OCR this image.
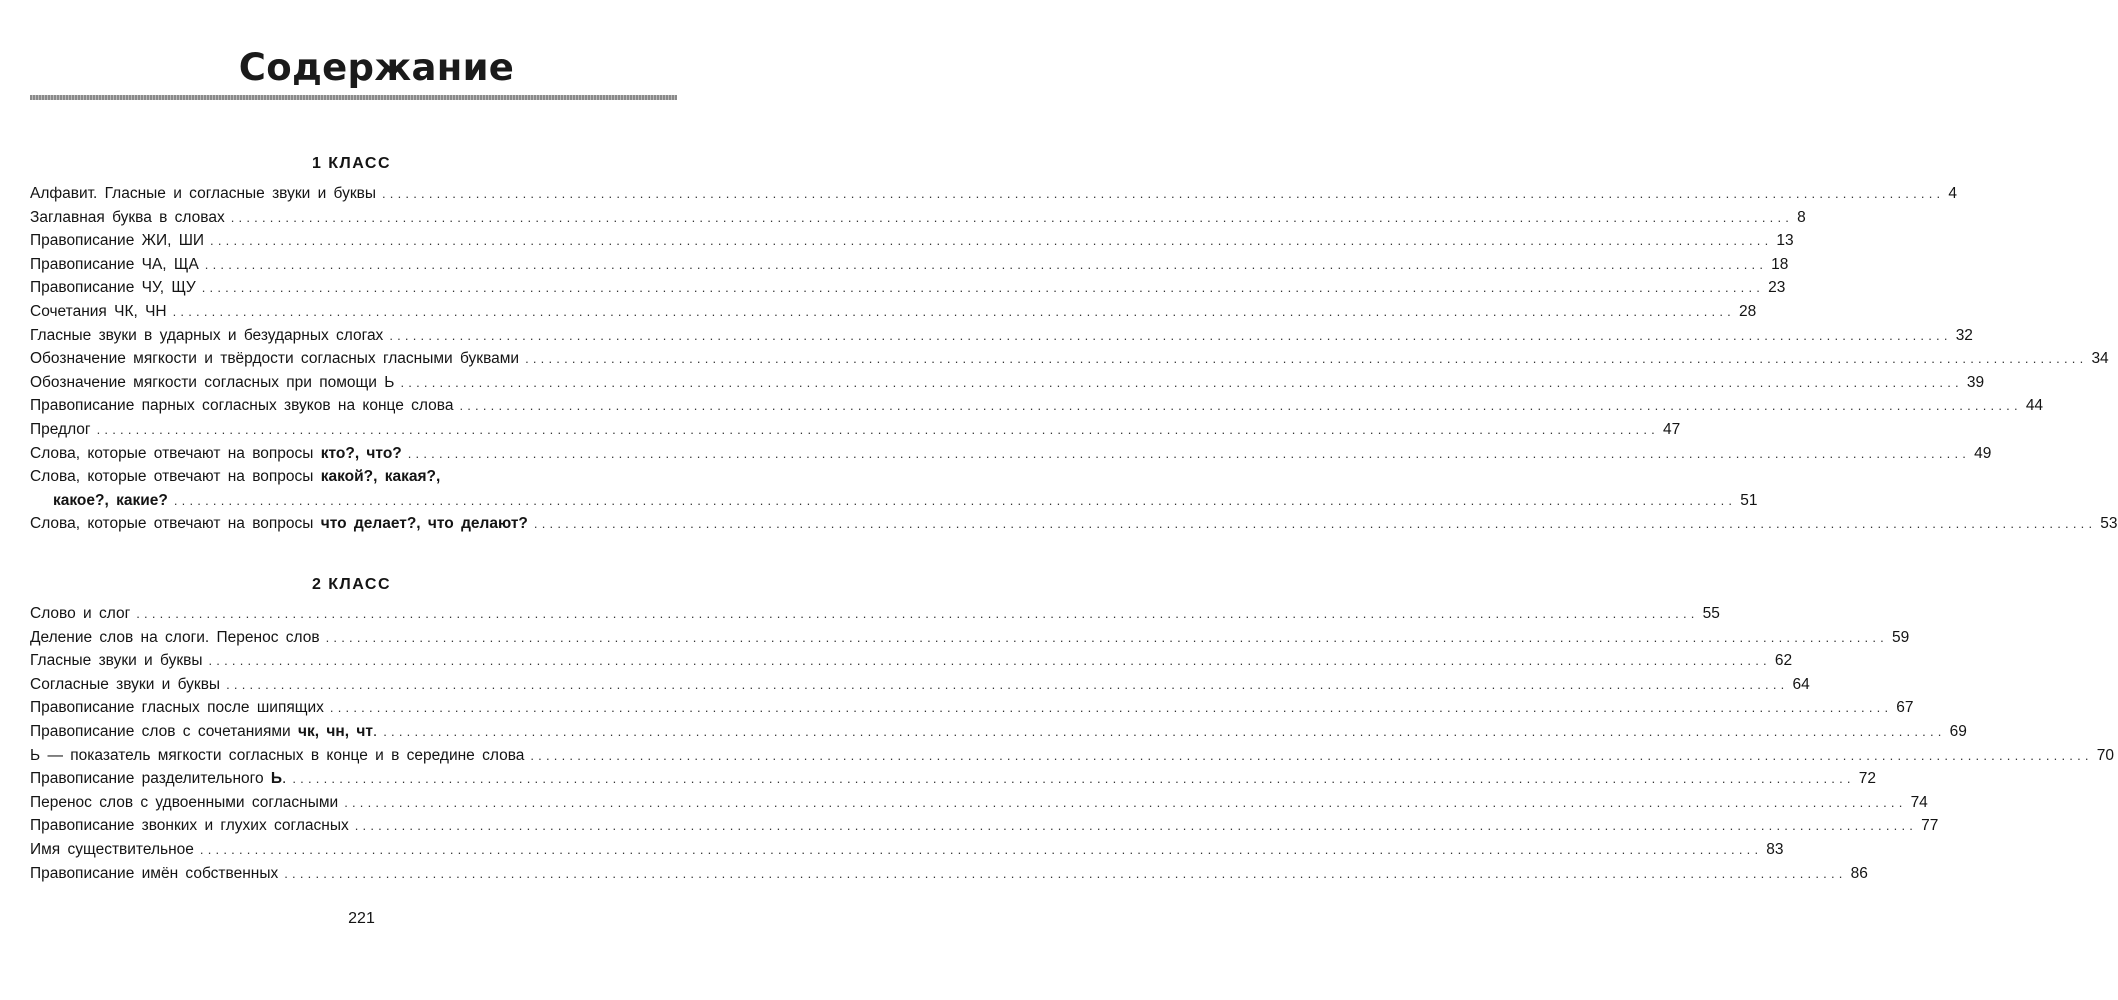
Содержание
1 КЛАСС
Алфавит. Гласные и согласные звуки и буквы ........................................................................................................................................................................................................ 4
Заглавная буква в словах ........................................................................................................................................................................................................ 8
Правописание ЖИ, ШИ ........................................................................................................................................................................................................ 13
Правописание ЧА, ЩА ........................................................................................................................................................................................................ 18
Правописание ЧУ, ЩУ ........................................................................................................................................................................................................ 23
Сочетания ЧК, ЧН ........................................................................................................................................................................................................ 28
Гласные звуки в ударных и безударных слогах ........................................................................................................................................................................................................ 32
Обозначение мягкости и твёрдости согласных гласными буквами ........................................................................................................................................................................................................ 34
Обозначение мягкости согласных при помощи Ь ........................................................................................................................................................................................................ 39
Правописание парных согласных звуков на конце слова ........................................................................................................................................................................................................ 44
Предлог ........................................................................................................................................................................................................ 47
Слова, которые отвечают на вопросы кто?, что? ........................................................................................................................................................................................................ 49
Слова, которые отвечают на вопросы какой?, какая?,
какое?, какие? ........................................................................................................................................................................................................ 51
Слова, которые отвечают на вопросы что делает?, что делают? ........................................................................................................................................................................................................ 53
2 КЛАСС
Слово и слог ........................................................................................................................................................................................................ 55
Деление слов на слоги. Перенос слов ........................................................................................................................................................................................................ 59
Гласные звуки и буквы ........................................................................................................................................................................................................ 62
Согласные звуки и буквы ........................................................................................................................................................................................................ 64
Правописание гласных после шипящих ........................................................................................................................................................................................................ 67
Правописание слов с сочетаниями чк, чн, чт. ........................................................................................................................................................................................................ 69
Ь — показатель мягкости согласных в конце и в середине слова ........................................................................................................................................................................................................ 70
Правописание разделительного Ь. ........................................................................................................................................................................................................ 72
Перенос слов с удвоенными согласными ........................................................................................................................................................................................................ 74
Правописание звонких и глухих согласных ........................................................................................................................................................................................................ 77
Имя существительное ........................................................................................................................................................................................................ 83
Правописание имён собственных ........................................................................................................................................................................................................ 86
221
